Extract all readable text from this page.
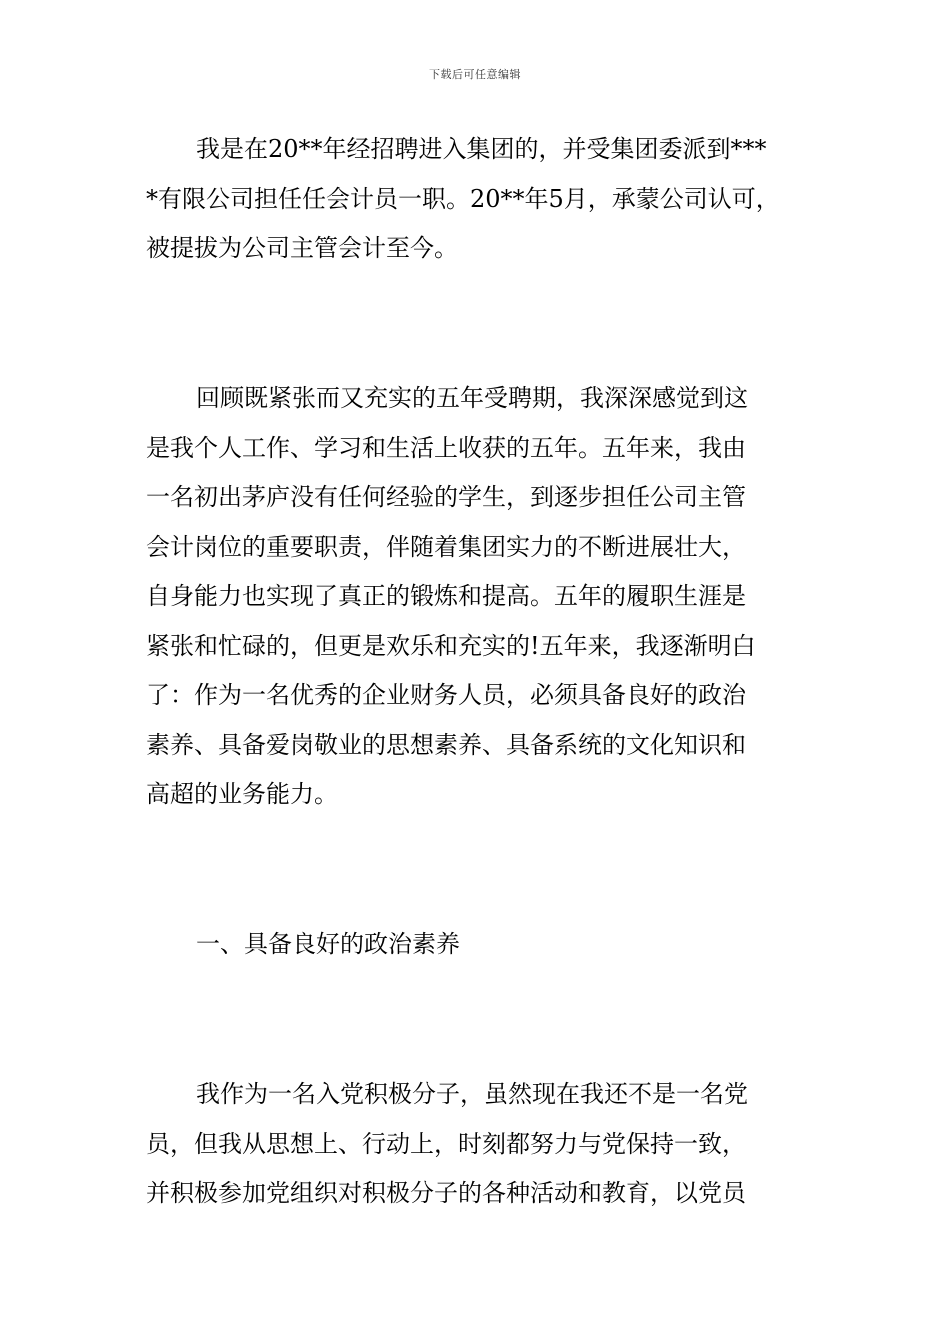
下载后可任意编辑
我是在20**年经招聘进入集团的，并受集团委派到***
*有限公司担任任会计员一职。20**年5月，承蒙公司认可，
被提拔为公司主管会计至今。
回顾既紧张而又充实的五年受聘期，我深深感觉到这
是我个人工作、学习和生活上收获的五年。五年来，我由
一名初出茅庐没有任何经验的学生，到逐步担任公司主管
会计岗位的重要职责，伴随着集团实力的不断进展壮大，
自身能力也实现了真正的锻炼和提高。五年的履职生涯是
紧张和忙碌的，但更是欢乐和充实的!五年来，我逐渐明白
了：作为一名优秀的企业财务人员，必须具备良好的政治
素养、具备爱岗敬业的思想素养、具备系统的文化知识和
高超的业务能力。
一、具备良好的政治素养
我作为一名入党积极分子，虽然现在我还不是一名党
员，但我从思想上、行动上，时刻都努力与党保持一致，
并积极参加党组织对积极分子的各种活动和教育，以党员
